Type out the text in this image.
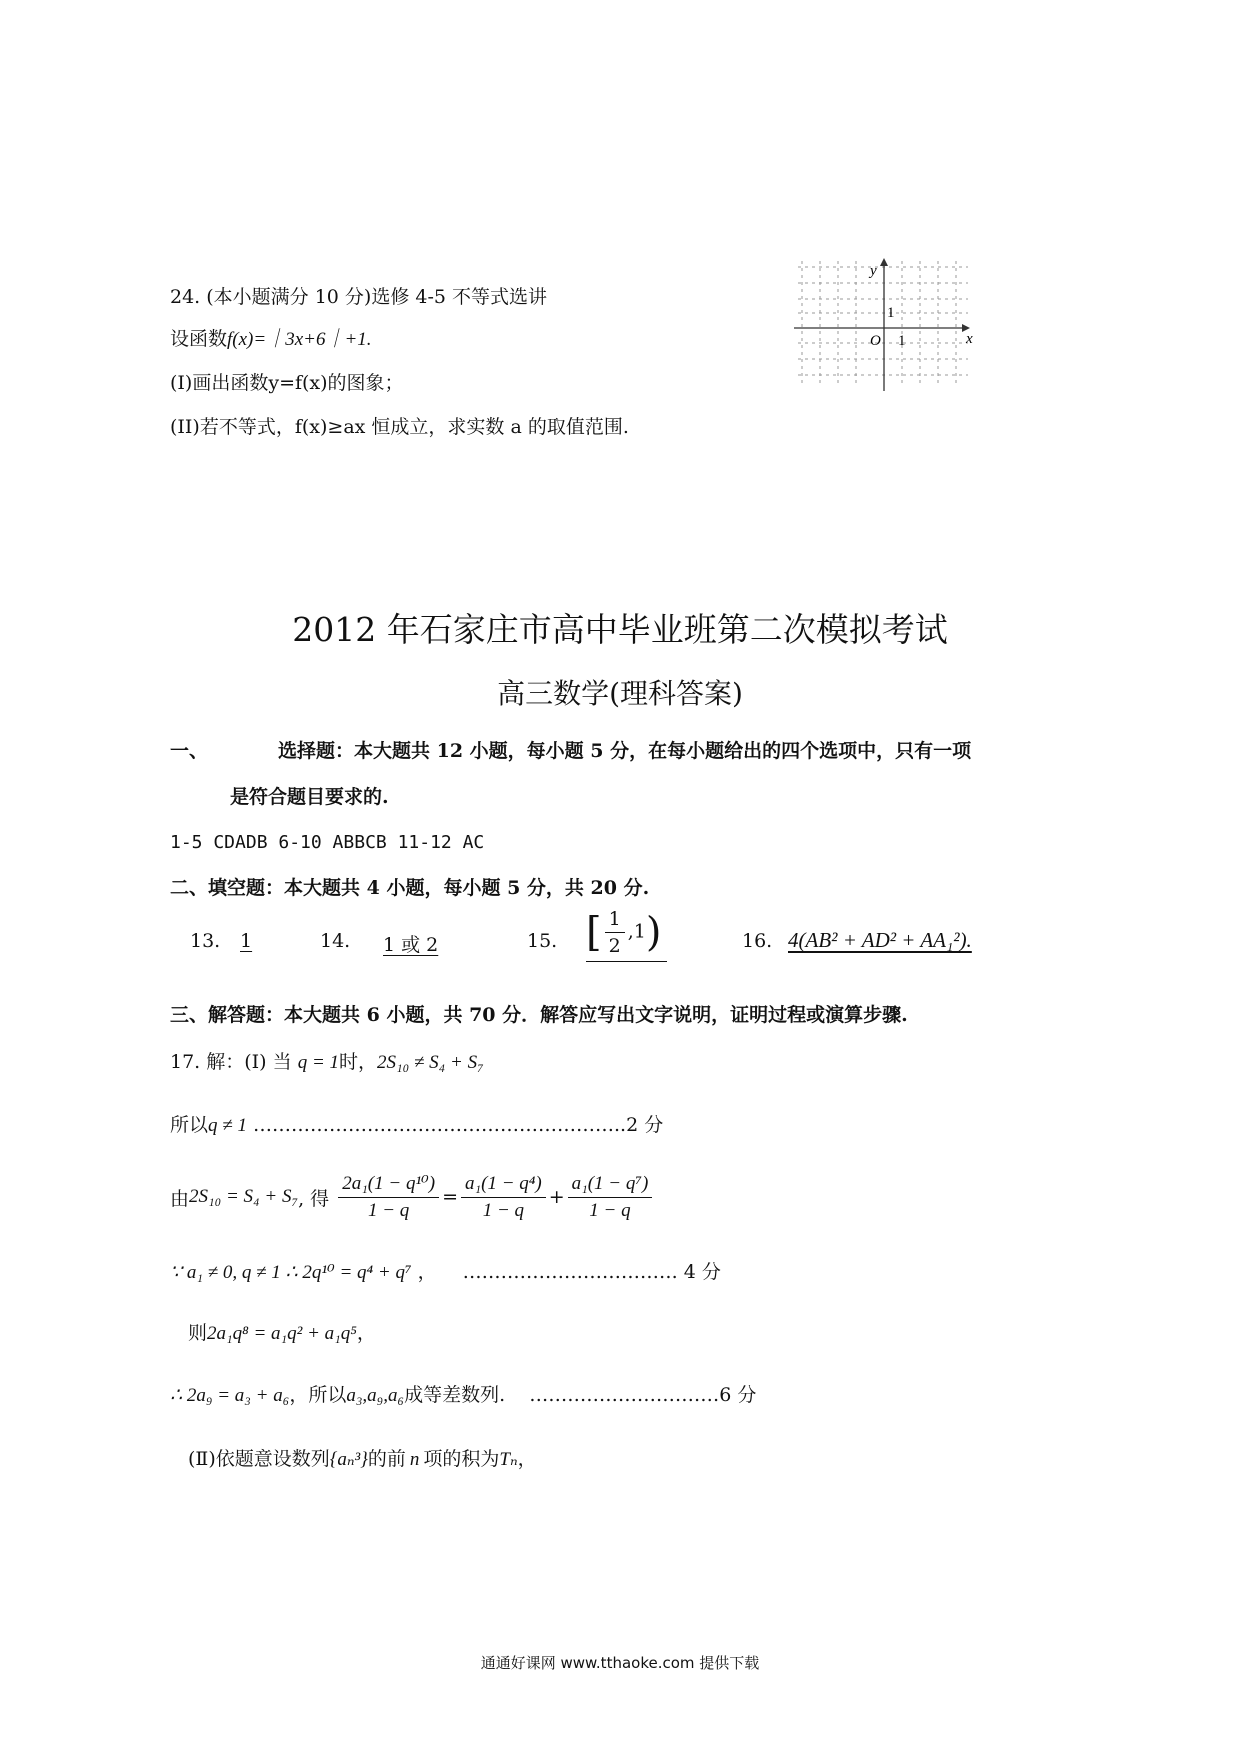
24. (本小题满分 10 分)选修 4-5 不等式选讲
设函数f(x)=｜3x+6｜+1.
(I)画出函数y=f(x)的图象；
(II)若不等式，f(x)≥ax 恒成立，求实数 a 的取值范围.
y
x
O 1
1
2012 年石家庄市高中毕业班第二次模拟考试
高三数学(理科答案)
一、	选择题：本大题共 12 小题，每小题 5 分，在每小题给出的四个选项中，只有一项
是符合题目要求的.
1-5 CDADB 6-10 ABBCB 11-12 AC
二、填空题：本大题共 4 小题，每小题 5 分，共 20 分.
13. 1	14. 1 或 2	15. [ $\frac{1}{2} ,1$)	16. 4(AB² + AD² + AA₁²).
三、解答题：本大题共 6 小题，共 70 分．解答应写出文字说明，证明过程或演算步骤.
17. 解：(Ⅰ) 当 q = 1时，2S₁₀ ≠ S₄ + S₇
所以q ≠ 1 …………………………………………………..2 分
由 2S₁₀ = S₄ + S₇ , 得 $\frac{\text{2a₁(1 − q¹⁰)}}{1 - q} = \frac{\text{a₁(1 − q⁴)}}{1 - q} + \frac{\text{a₁(1 − q⁷)}}{1 - q}$
∵ a₁ ≠ 0, q ≠ 1 ∴ 2q¹⁰ = q⁴ + q⁷ ， ……………………………. 4 分
则2a₁q⁸ = a₁q² + a₁q⁵，
∴ 2a₉ = a₃ + a₆，所以a₃,a₉,a₆成等差数列. …………………………6 分
(Ⅱ)依题意设数列{aₙ³}的前 n 项的积为Tₙ，
通通好课网 www.tthaoke.com 提供下载
